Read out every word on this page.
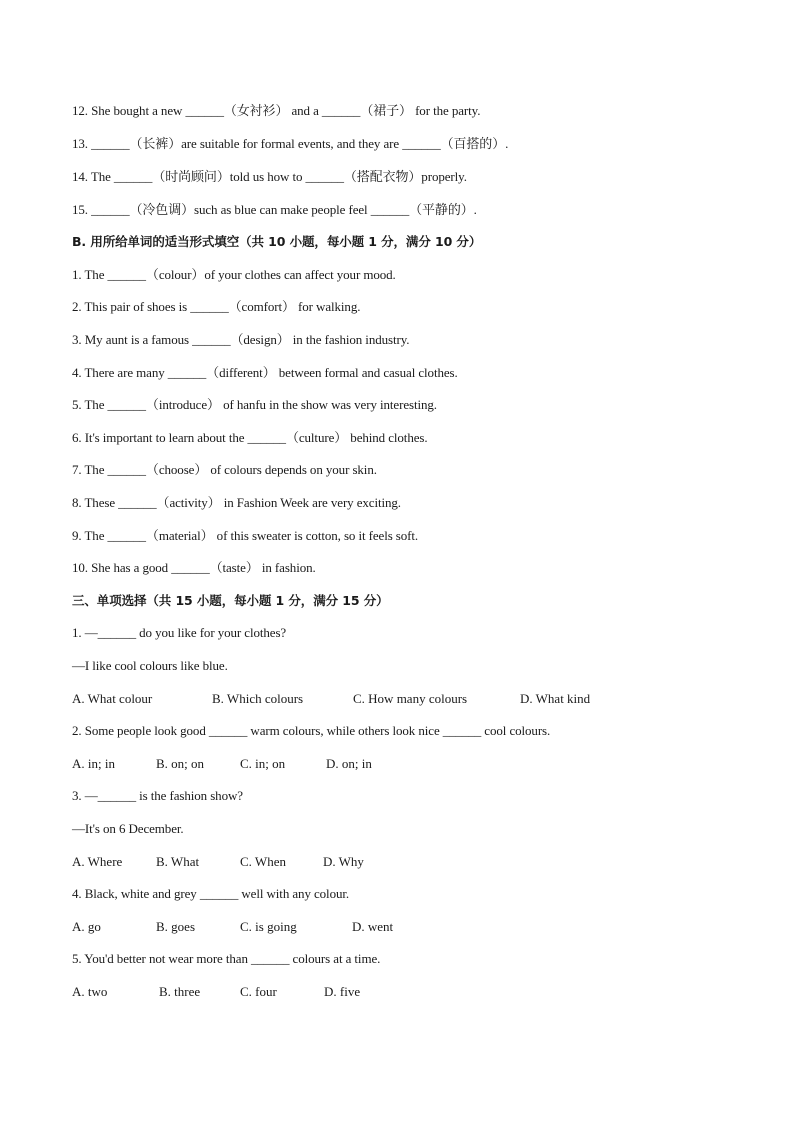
12. She bought a new ______（女衬衫） and a ______（裙子） for the party.
13. ______（长裤）are suitable for formal events, and they are ______（百搭的）.
14. The ______（时尚顾问）told us how to ______（搭配衣物）properly.
15. ______（冷色调）such as blue can make people feel ______（平静的）.
B. 用所给单词的适当形式填空（共 10 小题，每小题 1 分，满分 10 分）
1. The ______（colour）of your clothes can affect your mood.
2. This pair of shoes is ______（comfort） for walking.
3. My aunt is a famous ______（design） in the fashion industry.
4. There are many ______（different） between formal and casual clothes.
5. The ______（introduce） of hanfu in the show was very interesting.
6. It's important to learn about the ______（culture） behind clothes.
7. The ______（choose） of colours depends on your skin.
8. These ______（activity） in Fashion Week are very exciting.
9. The ______（material） of this sweater is cotton, so it feels soft.
10. She has a good ______（taste） in fashion.
三、单项选择（共 15 小题，每小题 1 分，满分 15 分）
1. —______ do you like for your clothes?
—I like cool colours like blue.
A. What colour	B. Which colours	C. How many colours	D. What kind
2. Some people look good ______ warm colours, while others look nice ______ cool colours.
A. in; in	B. on; on	C. in; on	D. on; in
3. —______ is the fashion show?
—It's on 6 December.
A. Where	B. What	C. When	D. Why
4. Black, white and grey ______ well with any colour.
A. go	B. goes	C. is going	D. went
5. You'd better not wear more than ______ colours at a time.
A. two	B. three	C. four	D. five
